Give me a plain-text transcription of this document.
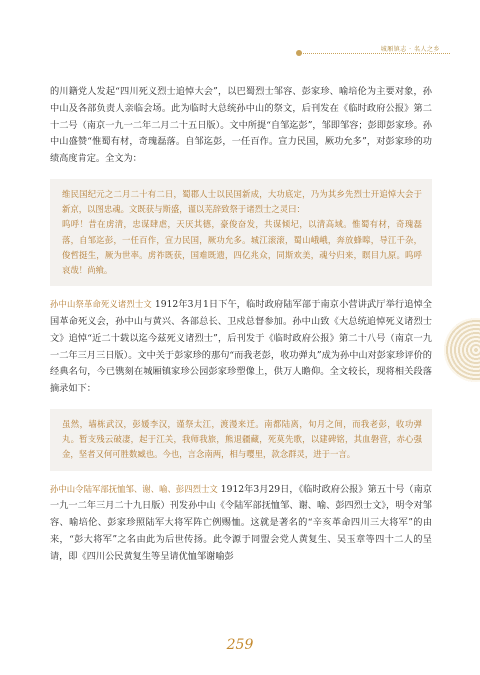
城厢镇志 · 名人之乡

的川籍党人发起“四川死义烈士追悼大会”，以巴蜀烈士邹容、彭家珍、喻培伦为主要对象，孙中山及各部负责人亲临会场。此为临时大总统孙中山的祭文，后刊发在《临时政府公报》第二十二号（南京一九一二年二月二十五日版）。文中所提“自邹迄彭”，邹即邹容；彭即彭家珍。孙中山盛赞“惟蜀有材，奇瑰磊落。自邹迄彭，一任百作。宣力民国，厥功允多”，对彭家珍的功绩高度肯定。全文为：

维民国纪元之二月二十有二日，蜀郡人士以民国新成，大功底定，乃为其乡先烈士开追悼大会于新京，以图忠魂。文既获与斯盛，谨以芜辞致祭于诸烈士之灵曰：
呜呼！昔在虏清，忠谋肆虐，天厌其德，豪俊奋发，共谋倾圮，以清高域。惟蜀有材，奇瑰磊落，自邹迄彭，一任百作，宣力民国，厥功允多。城江滚滚，蜀山峨峨，奔放蜂嗥，导江千杂，俊哲挺生，厥为世率。虏祚既获，国难既遗，四亿兆众，同斯欢美，魂兮归来，瞑目九原。呜呼哀哉！尚飨。

孙中山祭革命死义诸烈士文 1912年3月1日下午，临时政府陆军部于南京小营讲武厅举行追悼全国革命死义会，孙中山与黄兴、各部总长、卫戍总督参加。孙中山致《大总统追悼死义诸烈士文》追悼“近二十载以迄今兹死义诸烈士”，后刊发于《临时政府公报》第二十八号（南京一九一二年三月三日版）。文中关于彭家珍的那句“而我老彭，收功弹丸”成为孙中山对彭家珍评价的经典名句，今已镌刻在城厢镇家珍公园彭家珍塑像上，供万人瞻仰。全文较长，现将相关段落摘录如下：

虽然，墙栋武汉，彭媛李汉，谨祭太江，渡漫来迁。南都陆离，旬月之间，而我老彭，收功弹丸。暂支残云破凄，起于江关，我师我旅，熊退疆藏，死莫先歌，以建碑铭，其血磐营，赤心强金，坚者又何可胜数臧也。今也，言念南两，相与嘤里，款念群灵，进于一言。

孙中山令陆军部抚恤邹、谢、喻、彭四烈士文 1912年3月29日，《临时政府公报》第五十号（南京一九一二年三月二十九日版）刊发孙中山《令陆军部抚恤邹、谢、喻、彭四烈士文》，明令对邹容、喻培伦、彭家珍照陆军大将军阵亡例赐恤。这就是著名的“辛亥革命四川三大将军”的由来，“彭大将军”之名由此为后世传扬。此令源于同盟会党人黄复生、吴玉章等四十二人的呈请，即《四川公民黄复生等呈请优恤邹谢喻彭

259
